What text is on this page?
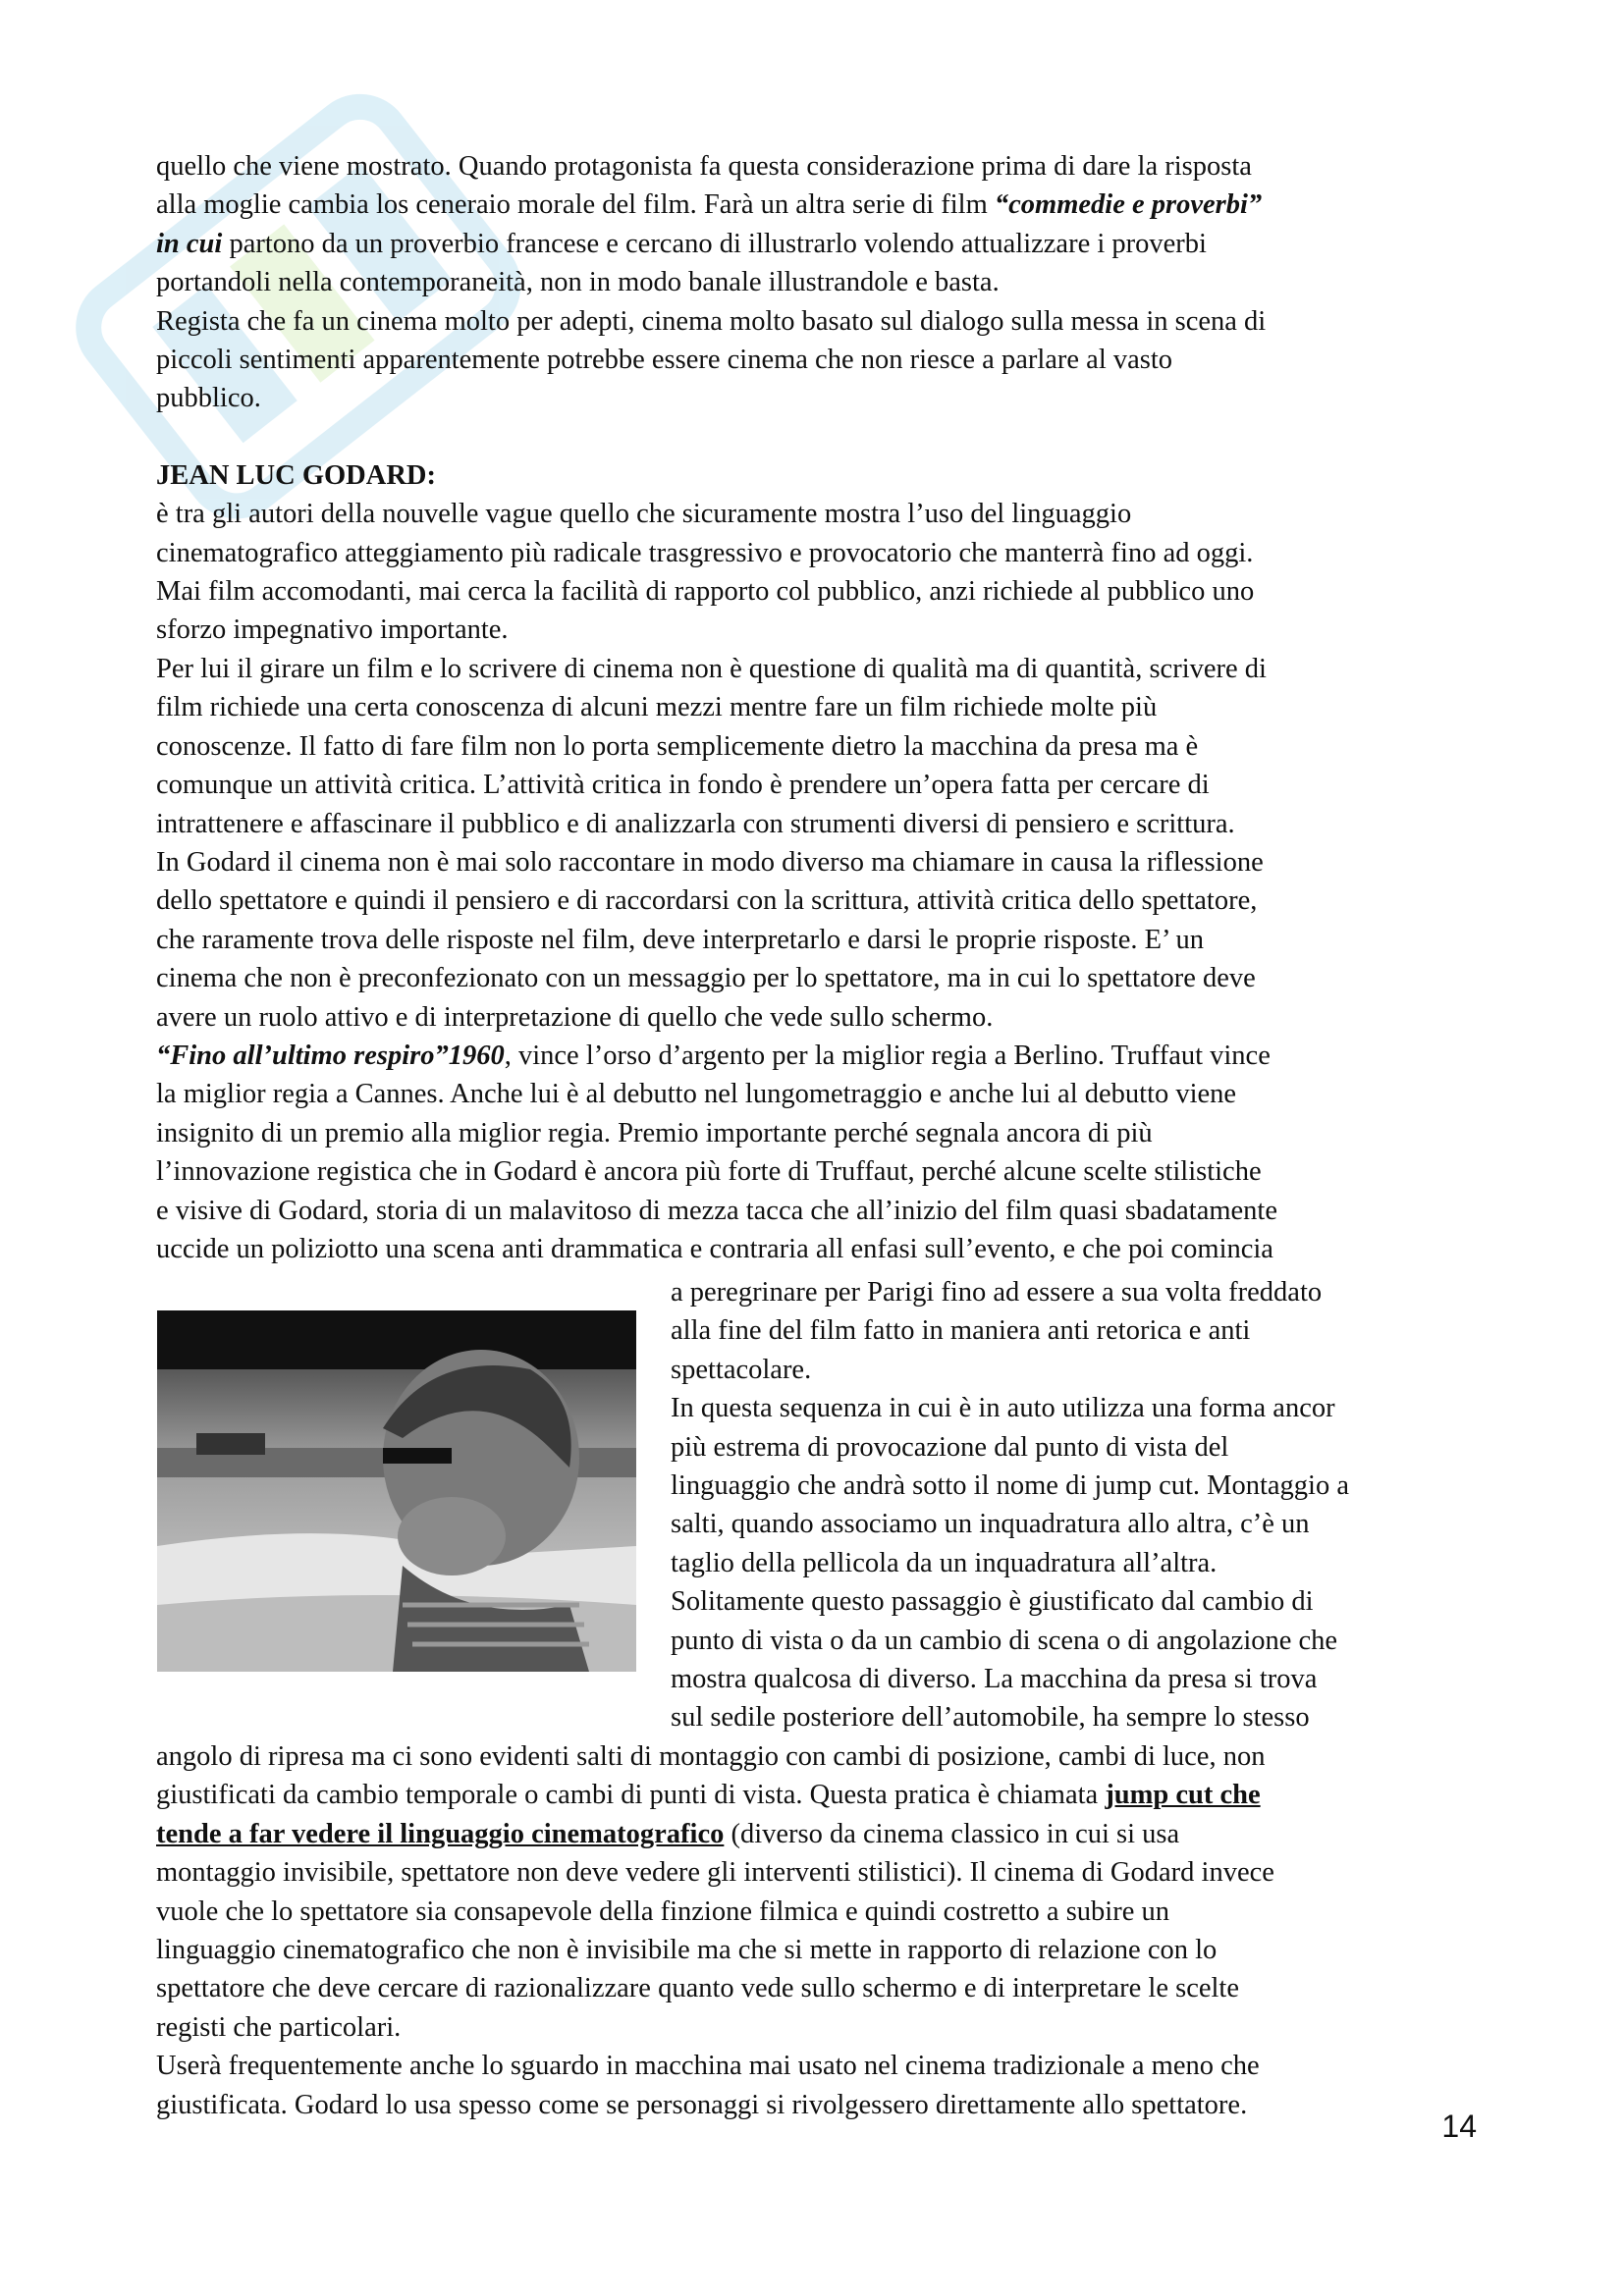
quello che viene mostrato. Quando protagonista fa questa considerazione prima di dare la risposta

alla moglie cambia los ceneraio morale del film. Farà un altra serie di film “commedie e proverbi”

in cui partono da un proverbio francese e cercano di illustrarlo volendo attualizzare i proverbi

portandoli nella contemporaneità, non in modo banale illustrandole e basta.

Regista che fa un cinema molto per adepti, cinema molto basato sul dialogo sulla messa in scena di

piccoli sentimenti apparentemente potrebbe essere cinema che non riesce a parlare al vasto

pubblico.

JEAN LUC GODARD:

è tra gli autori della nouvelle vague quello che sicuramente mostra l’uso del linguaggio

cinematografico atteggiamento più radicale trasgressivo e provocatorio che manterrà fino ad oggi.

Mai film accomodanti, mai cerca la facilità di rapporto col pubblico, anzi richiede al pubblico uno

sforzo impegnativo importante.

Per lui il girare un film e lo scrivere di cinema non è questione di qualità ma di quantità, scrivere di

film richiede una certa conoscenza di alcuni mezzi mentre fare un film richiede molte più

conoscenze. Il fatto di fare film non lo porta semplicemente dietro la macchina da presa ma è

comunque un attività critica. L’attività critica in fondo è prendere un’opera fatta per cercare di

intrattenere e affascinare il pubblico e di analizzarla con strumenti diversi di pensiero e scrittura.

In Godard il cinema non è mai solo raccontare in modo diverso ma chiamare in causa la riflessione

dello spettatore e quindi il pensiero e di raccordarsi con la scrittura, attività critica dello spettatore,

che raramente trova delle risposte nel film, deve interpretarlo e darsi le proprie risposte. E’ un

cinema che non è preconfezionato con un messaggio per lo spettatore, ma in cui lo spettatore deve

avere un ruolo attivo e di interpretazione di quello che vede sullo schermo.

“Fino all’ultimo respiro”1960, vince l’orso d’argento per la miglior regia a Berlino. Truffaut vince

la miglior regia a Cannes. Anche lui è al debutto nel lungometraggio e anche lui al debutto viene

insignito di un premio alla miglior regia. Premio importante perché segnala ancora di più

l’innovazione registica che in Godard è ancora più forte di Truffaut, perché alcune scelte stilistiche

e visive di Godard, storia di un malavitoso di mezza tacca che all’inizio del film quasi sbadatamente

uccide un poliziotto una scena anti drammatica e contraria all enfasi sull’evento, e che poi comincia

a peregrinare per Parigi fino ad essere a sua volta freddato

alla fine del film fatto in maniera anti retorica e anti

spettacolare.

In questa sequenza in cui è in auto utilizza una forma ancor

più estrema di provocazione dal punto di vista del

linguaggio che andrà sotto il nome di jump cut. Montaggio a

salti, quando associamo un inquadratura allo altra, c’è un

taglio della pellicola da un inquadratura all’altra.

Solitamente questo passaggio è giustificato dal cambio di

punto di vista o da un cambio di scena o di angolazione che

mostra qualcosa di diverso. La macchina da presa si trova

sul sedile posteriore dell’automobile, ha sempre lo stesso

angolo di ripresa ma ci sono evidenti salti di montaggio con cambi di posizione, cambi di luce, non

giustificati da cambio temporale o cambi di punti di vista. Questa pratica è chiamata jump cut che

tende a far vedere il linguaggio cinematografico (diverso da cinema classico in cui si usa

montaggio invisibile, spettatore non deve vedere gli interventi stilistici). Il cinema di Godard invece

vuole che lo spettatore sia consapevole della finzione filmica e quindi costretto a subire un

linguaggio cinematografico che non è invisibile ma che si mette in rapporto di relazione con lo

spettatore che deve cercare di razionalizzare quanto vede sullo schermo e di interpretare le scelte

registi che particolari.

Userà frequentemente anche lo sguardo in macchina mai usato nel cinema tradizionale a meno che

giustificata. Godard lo usa spesso come se personaggi si rivolgessero direttamente allo spettatore.

14
